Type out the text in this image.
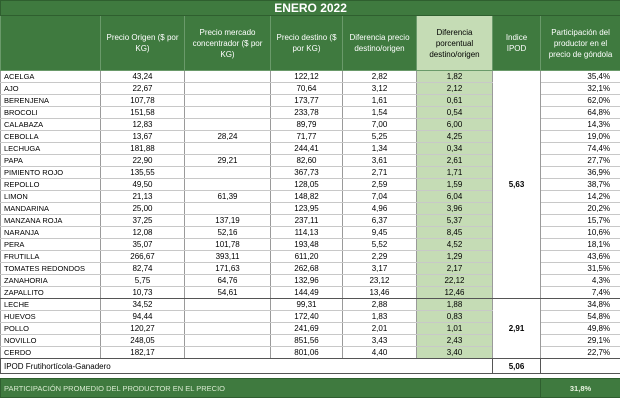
ENERO 2022							
	Precio Origen ($ por KG)	Precio mercado concentrador ($ por KG)	Precio destino ($ por KG)	Diferencia precio destino/origen	Diferencia porcentual destino/origen	Indice IPOD	Participación del productor en el precio de góndola
ACELGA	43,24		122,12	2,82	1,82	5,63	35,4%
AJO	22,67		70,64	3,12	2,12		32,1%
BERENJENA	107,78		173,77	1,61	0,61		62,0%
BROCOLI	151,58		233,78	1,54	0,54		64,8%
CALABAZA	12,83		89,79	7,00	6,00		14,3%
CEBOLLA	13,67	28,24	71,77	5,25	4,25		19,0%
LECHUGA	181,88		244,41	1,34	0,34		74,4%
PAPA	22,90	29,21	82,60	3,61	2,61		27,7%
PIMIENTO ROJO	135,55		367,73	2,71	1,71		36,9%
REPOLLO	49,50		128,05	2,59	1,59		38,7%
LIMON	21,13	61,39	148,82	7,04	6,04		14,2%
MANDARINA	25,00		123,95	4,96	3,96		20,2%
MANZANA ROJA	37,25	137,19	237,11	6,37	5,37		15,7%
NARANJA	12,08	52,16	114,13	9,45	8,45		10,6%
PERA	35,07	101,78	193,48	5,52	4,52		18,1%
FRUTILLA	266,67	393,11	611,20	2,29	1,29		43,6%
TOMATES REDONDOS	82,74	171,63	262,68	3,17	2,17		31,5%
ZANAHORIA	5,75	64,76	132,96	23,12	22,12		4,3%
ZAPALLITO	10,73	54,61	144,49	13,46	12,46		7,4%
LECHE	34,52		99,31	2,88	1,88	2,91	34,8%
HUEVOS	94,44		172,40	1,83	0,83		54,8%
POLLO	120,27		241,69	2,01	1,01		49,8%
NOVILLO	248,05		851,56	3,43	2,43		29,1%
CERDO	182,17		801,06	4,40	3,40		22,7%
IPOD Frutihortícola-Ganadero						5,06	

PARTICIPACIÓN PROMEDIO DEL PRODUCTOR EN EL PRECIO							31,8%
